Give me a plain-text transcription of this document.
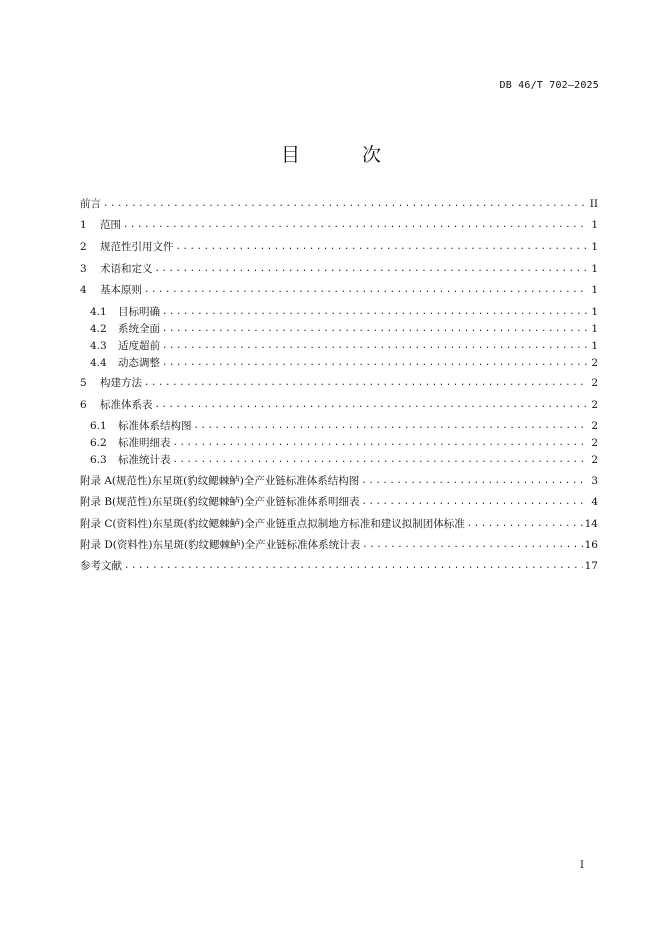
DB 46/T 702—2025
目 次
前言 .....	II
1	范围 .....	1
2	规范性引用文件 .....	1
3	术语和定义 .....	1
4	基本原则 .....	1
4.1	目标明确 .....	1
4.2	系统全面 .....	1
4.3	适度超前 .....	1
4.4	动态调整 .....	2
5	构建方法 .....	2
6	标准体系表 .....	2
6.1	标准体系结构图 .....	2
6.2	标准明细表 .....	2
6.3	标准统计表 .....	2
附录 A(规范性)东星斑(豹纹鳃棘鲈)全产业链标准体系结构图 .....	3
附录 B(规范性)东星斑(豹纹鳃棘鲈)全产业链标准体系明细表 .....	4
附录 C(资料性)东星斑(豹纹鳃棘鲈)全产业链重点拟制地方标准和建议拟制团体标准 .....	14
附录 D(资料性)东星斑(豹纹鳃棘鲈)全产业链标准体系统计表 .....	16
参考文献 .....	17
I
